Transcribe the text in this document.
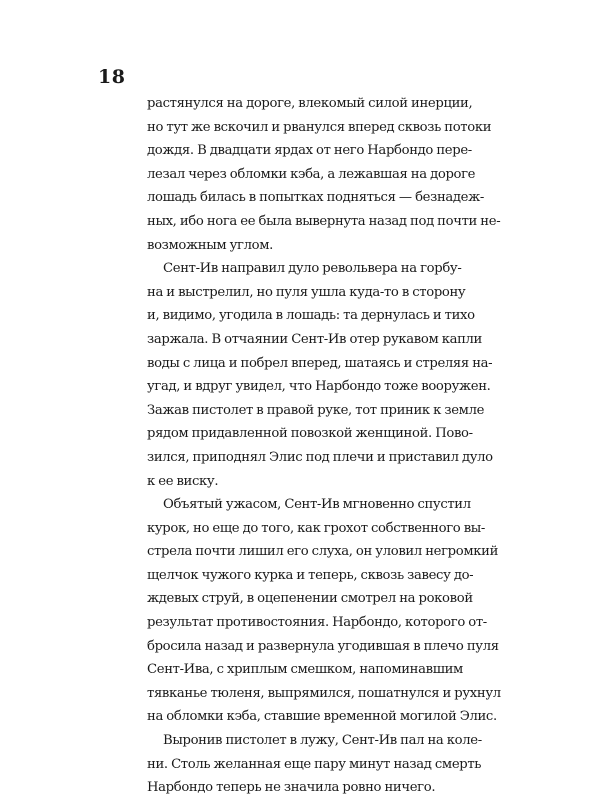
18
растянулся на дороге, влекомый силой инерции,
но тут же вскочил и рванулся вперед сквозь потоки
дождя. В двадцати ярдах от него Нарбондо пере-
лезал через обломки кэба, а лежавшая на дороге
лошадь билась в попытках подняться — безнадеж-
ных, ибо нога ее была вывернута назад под почти не-
возможным углом.
Сент-Ив направил дуло револьвера на горбу-
на и выстрелил, но пуля ушла куда-то в сторону
и, видимо, угодила в лошадь: та дернулась и тихо
заржала. В отчаянии Сент-Ив отер рукавом капли
воды с лица и побрел вперед, шатаясь и стреляя на-
угад, и вдруг увидел, что Нарбондо тоже вооружен.
Зажав пистолет в правой руке, тот приник к земле
рядом придавленной повозкой женщиной. Пово-
зился, приподнял Элис под плечи и приставил дуло
к ее виску.
Объятый ужасом, Сент-Ив мгновенно спустил
курок, но еще до того, как грохот собственного вы-
стрела почти лишил его слуха, он уловил негромкий
щелчок чужого курка и теперь, сквозь завесу до-
ждевых струй, в оцепенении смотрел на роковой
результат противостояния. Нарбондо, которого от-
бросила назад и развернула угодившая в плечо пуля
Сент-Ива, с хриплым смешком, напоминавшим
тявканье тюленя, выпрямился, пошатнулся и рухнул
на обломки кэба, ставшие временной могилой Элис.
Выронив пистолет в лужу, Сент-Ив пал на коле-
ни. Столь желанная еще пару минут назад смерть
Нарбондо теперь не значила ровно ничего.
